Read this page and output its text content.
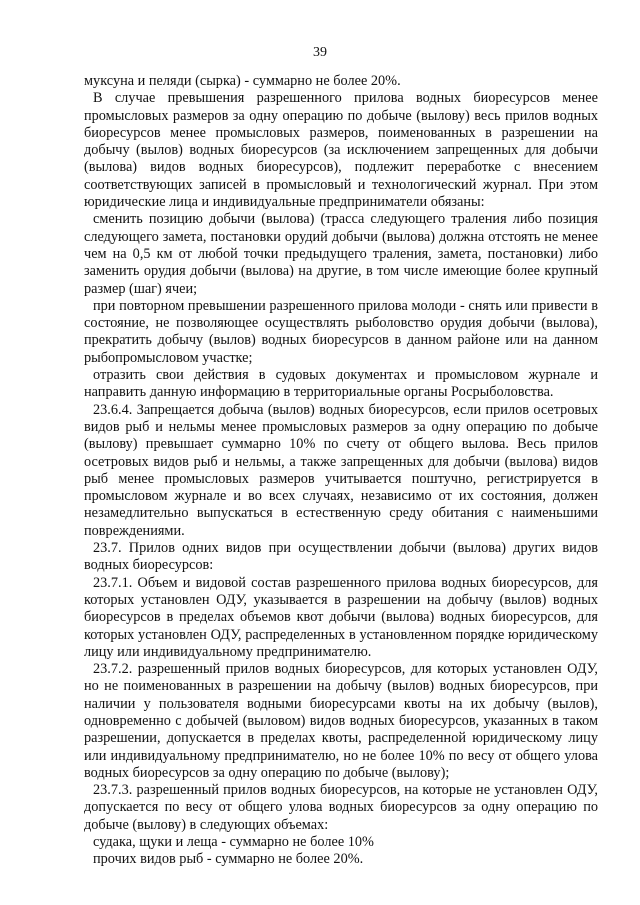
39

муксуна и пеляди (сырка) - суммарно не более 20%.

В случае превышения разрешенного прилова водных биоресурсов менее промысловых размеров за одну операцию по добыче (вылову) весь прилов водных биоресурсов менее промысловых размеров, поименованных в разрешении на добычу (вылов) водных биоресурсов (за исключением запрещенных для добычи (вылова) видов водных биоресурсов), подлежит переработке с внесением соответствующих записей в промысловый и технологический журнал. При этом юридические лица и индивидуальные предприниматели обязаны:

сменить позицию добычи (вылова) (трасса следующего траления либо позиция следующего замета, постановки орудий добычи (вылова) должна отстоять не менее чем на 0,5 км от любой точки предыдущего траления, замета, постановки) либо заменить орудия добычи (вылова) на другие, в том числе имеющие более крупный размер (шаг) ячеи;

при повторном превышении разрешенного прилова молоди - снять или привести в состояние, не позволяющее осуществлять рыболовство орудия добычи (вылова), прекратить добычу (вылов) водных биоресурсов в данном районе или на данном рыбопромысловом участке;

отразить свои действия в судовых документах и промысловом журнале и направить данную информацию в территориальные органы Росрыболовства.

23.6.4. Запрещается добыча (вылов) водных биоресурсов, если прилов осетровых видов рыб и нельмы менее промысловых размеров за одну операцию по добыче (вылову) превышает суммарно 10% по счету от общего вылова. Весь прилов осетровых видов рыб и нельмы, а также запрещенных для добычи (вылова) видов рыб менее промысловых размеров учитывается поштучно, регистрируется в промысловом журнале и во всех случаях, независимо от их состояния, должен незамедлительно выпускаться в естественную среду обитания с наименьшими повреждениями.

23.7. Прилов одних видов при осуществлении добычи (вылова) других видов водных биоресурсов:

23.7.1. Объем и видовой состав разрешенного прилова водных биоресурсов, для которых установлен ОДУ, указывается в разрешении на добычу (вылов) водных биоресурсов в пределах объемов квот добычи (вылова) водных биоресурсов, для которых установлен ОДУ, распределенных в установленном порядке юридическому лицу или индивидуальному предпринимателю.

23.7.2. разрешенный прилов водных биоресурсов, для которых установлен ОДУ, но не поименованных в разрешении на добычу (вылов) водных биоресурсов, при наличии у пользователя водными биоресурсами квоты на их добычу (вылов), одновременно с добычей (выловом) видов водных биоресурсов, указанных в таком разрешении, допускается в пределах квоты, распределенной юридическому лицу или индивидуальному предпринимателю, но не более 10% по весу от общего улова водных биоресурсов за одну операцию по добыче (вылову);

23.7.3. разрешенный прилов водных биоресурсов, на которые не установлен ОДУ, допускается по весу от общего улова водных биоресурсов за одну операцию по добыче (вылову) в следующих объемах:

судака, щуки и леща - суммарно не более 10%

прочих видов рыб - суммарно не более 20%.
